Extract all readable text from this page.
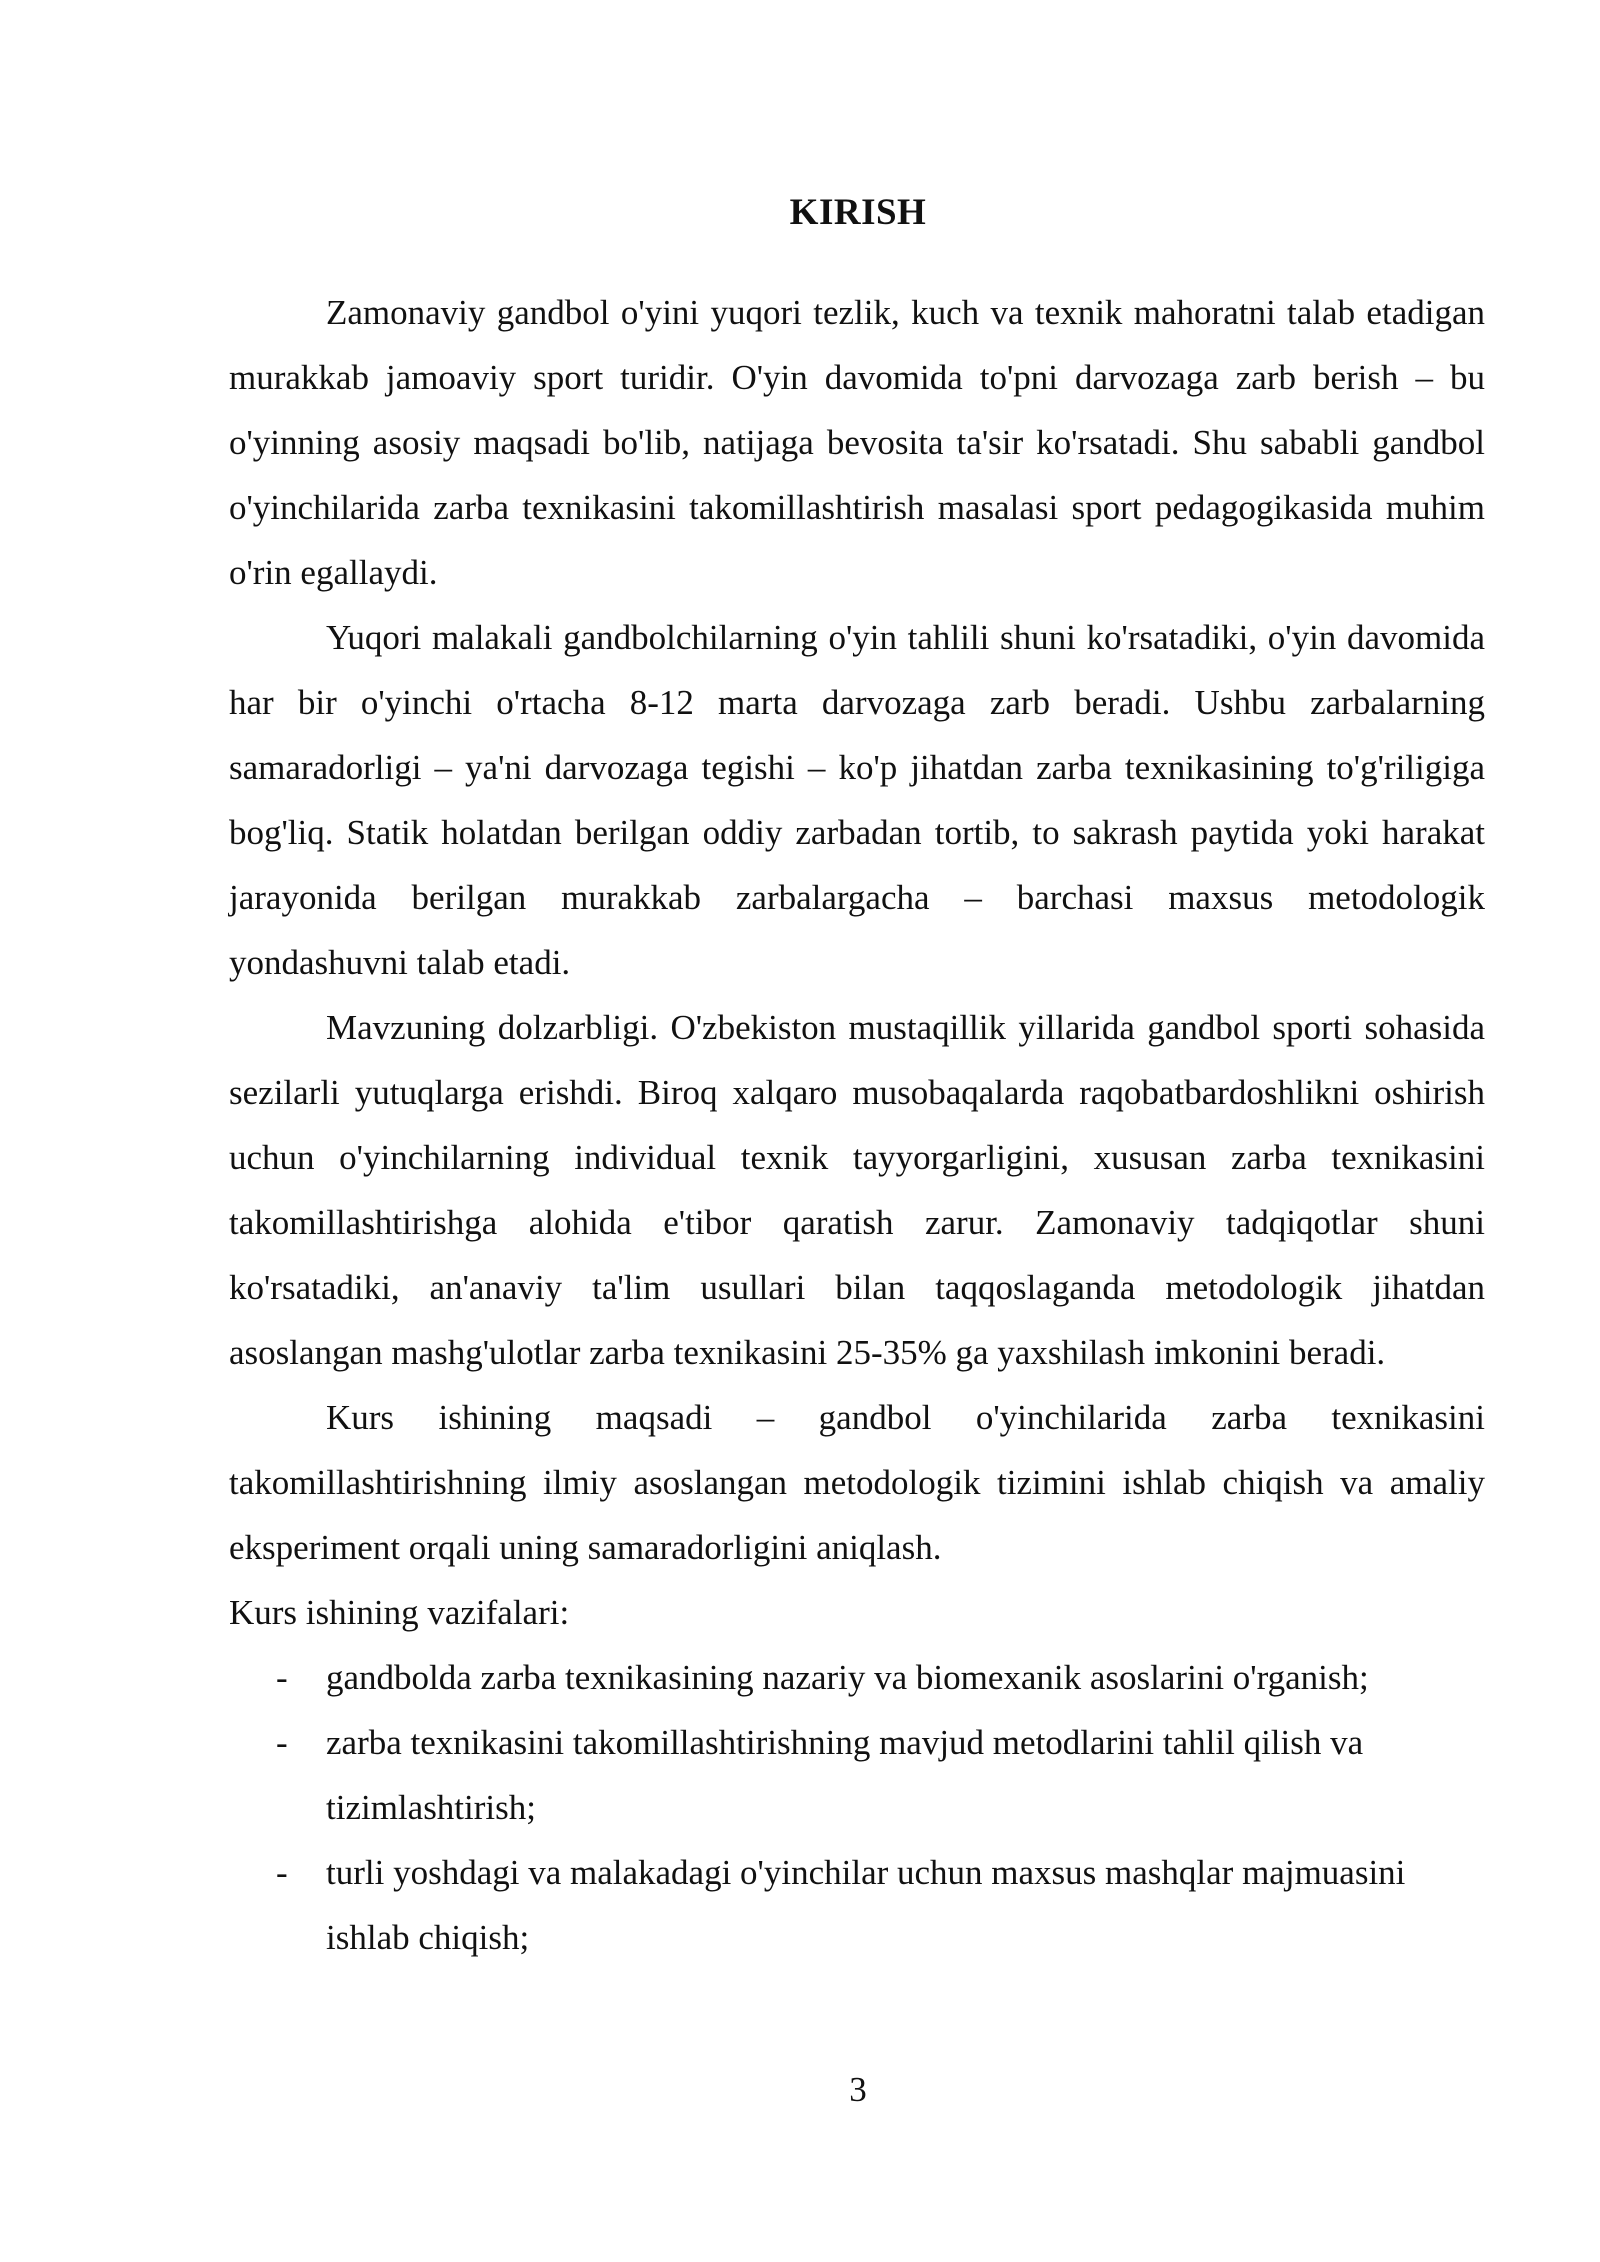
KIRISH

Zamonaviy gandbol o'yini yuqori tezlik, kuch va texnik mahoratni talab etadigan murakkab jamoaviy sport turidir. O'yin davomida to'pni darvozaga zarb berish – bu o'yinning asosiy maqsadi bo'lib, natijaga bevosita ta'sir ko'rsatadi. Shu sababli gandbol o'yinchilarida zarba texnikasini takomillashtirish masalasi sport pedagogikasida muhim o'rin egallaydi.

Yuqori malakali gandbolchilarning o'yin tahlili shuni ko'rsatadiki, o'yin davomida har bir o'yinchi o'rtacha 8-12 marta darvozaga zarb beradi. Ushbu zarbalarning samaradorligi – ya'ni darvozaga tegishi – ko'p jihatdan zarba texnikasining to'g'riligiga bog'liq. Statik holatdan berilgan oddiy zarbadan tortib, to sakrash paytida yoki harakat jarayonida berilgan murakkab zarbalargacha – barchasi maxsus metodologik yondashuvni talab etadi.

Mavzuning dolzarbligi. O'zbekiston mustaqillik yillarida gandbol sporti sohasida sezilarli yutuqlarga erishdi. Biroq xalqaro musobaqalarda raqobatbardoshlikni oshirish uchun o'yinchilarning individual texnik tayyorgarligini, xususan zarba texnikasini takomillashtirishga alohida e'tibor qaratish zarur. Zamonaviy tadqiqotlar shuni ko'rsatadiki, an'anaviy ta'lim usullari bilan taqqoslaganda metodologik jihatdan asoslangan mashg'ulotlar zarba texnikasini 25-35% ga yaxshilash imkonini beradi.

Kurs ishining maqsadi – gandbol o'yinchilarida zarba texnikasini takomillashtirishning ilmiy asoslangan metodologik tizimini ishlab chiqish va amaliy eksperiment orqali uning samaradorligini aniqlash.

Kurs ishining vazifalari:

- gandbolda zarba texnikasining nazariy va biomexanik asoslarini o'rganish;
- zarba texnikasini takomillashtirishning mavjud metodlarini tahlil qilish va tizimlashtirish;
- turli yoshdagi va malakadagi o'yinchilar uchun maxsus mashqlar majmuasini ishlab chiqish;
3
